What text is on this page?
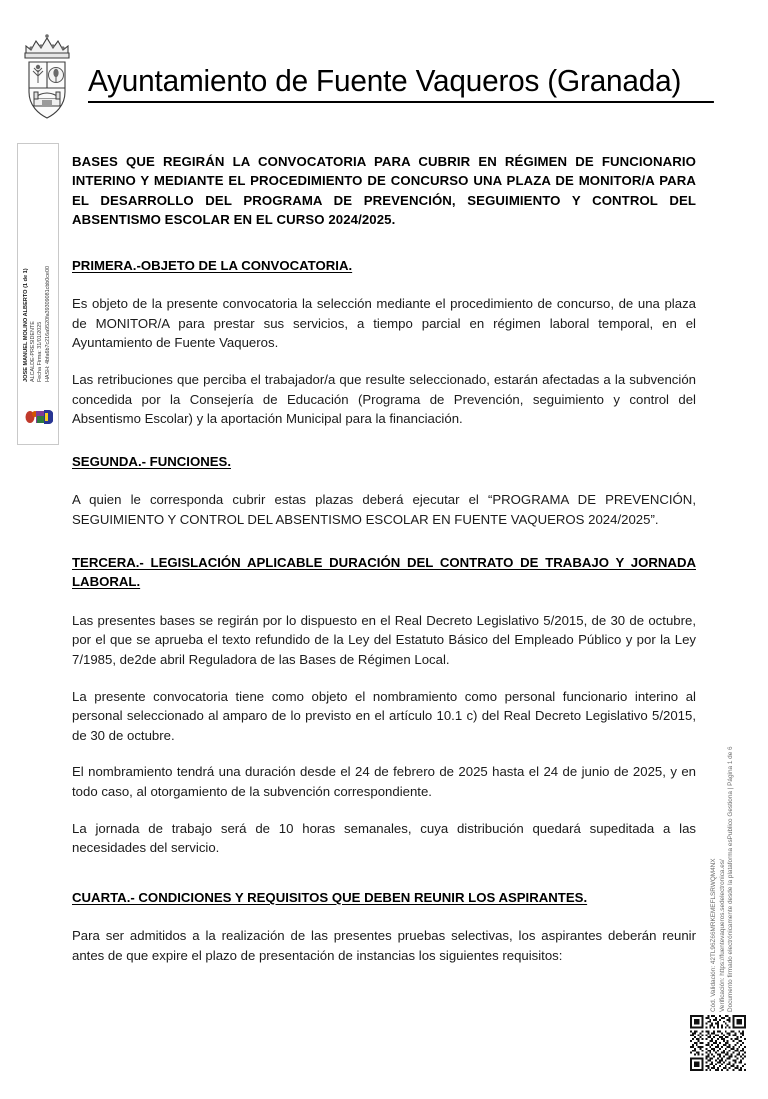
Ayuntamiento de Fuente Vaqueros (Granada)
JOSE MANUEL MOLINO ALBERTO (1 de 1) ALCALDE-PRESIDENTE Fecha Firma: 31/01/2025 HASH: 4bfa6b7c216a9520fa39309081cbb0ce00
BASES QUE REGIRÁN LA CONVOCATORIA PARA CUBRIR EN RÉGIMEN DE FUNCIONARIO INTERINO Y MEDIANTE EL PROCEDIMIENTO DE CONCURSO UNA PLAZA DE MONITOR/A PARA EL DESARROLLO DEL PROGRAMA DE PREVENCIÓN, SEGUIMIENTO Y CONTROL DEL ABSENTISMO ESCOLAR EN EL CURSO 2024/2025.
PRIMERA.-OBJETO DE LA CONVOCATORIA.

Es objeto de la presente convocatoria la selección mediante el procedimiento de concurso, de una plaza de MONITOR/A para prestar sus servicios, a tiempo parcial en régimen laboral temporal, en el Ayuntamiento de Fuente Vaqueros.

Las retribuciones que perciba el trabajador/a que resulte seleccionado, estarán afectadas a la subvención concedida por la Consejería de Educación (Programa de Prevención, seguimiento y control del Absentismo Escolar) y la aportación Municipal para la financiación.

SEGUNDA.- FUNCIONES.

A quien le corresponda cubrir estas plazas deberá ejecutar el “PROGRAMA DE PREVENCIÓN, SEGUIMIENTO Y CONTROL DEL ABSENTISMO ESCOLAR EN FUENTE VAQUEROS 2024/2025”.

TERCERA.- LEGISLACIÓN APLICABLE DURACIÓN DEL CONTRATO DE TRABAJO Y JORNADA LABORAL.

Las presentes bases se regirán por lo dispuesto en el Real Decreto Legislativo 5/2015, de 30 de octubre, por el que se aprueba el texto refundido de la Ley del Estatuto Básico del Empleado Público y por la Ley 7/1985, de2de abril Reguladora de las Bases de Régimen Local.

La presente convocatoria tiene como objeto el nombramiento como personal funcionario interino al personal seleccionado al amparo de lo previsto en el artículo 10.1 c) del Real Decreto Legislativo 5/2015, de 30 de octubre.

El nombramiento tendrá una duración desde el 24 de febrero de 2025 hasta el 24 de junio de 2025, y en todo caso, al otorgamiento de la subvención correspondiente.

La jornada de trabajo será de 10 horas semanales, cuya distribución quedará supeditada a las necesidades del servicio.

CUARTA.- CONDICIONES Y REQUISITOS QUE DEBEN REUNIR LOS ASPIRANTES.

Para ser admitidos a la realización de las presentes pruebas selectivas, los aspirantes deberán reunir antes de que expire el plazo de presentación de instancias los siguientes requisitos:	Cód. Validación: 42TL96Z66MRKEMEFLSRWQM4NX Verificación: https://fuentevaqueros.sedelectronica.es/ Documento firmado electrónicamente desde la plataforma esPublico Gestiona | Página 1 de 6
